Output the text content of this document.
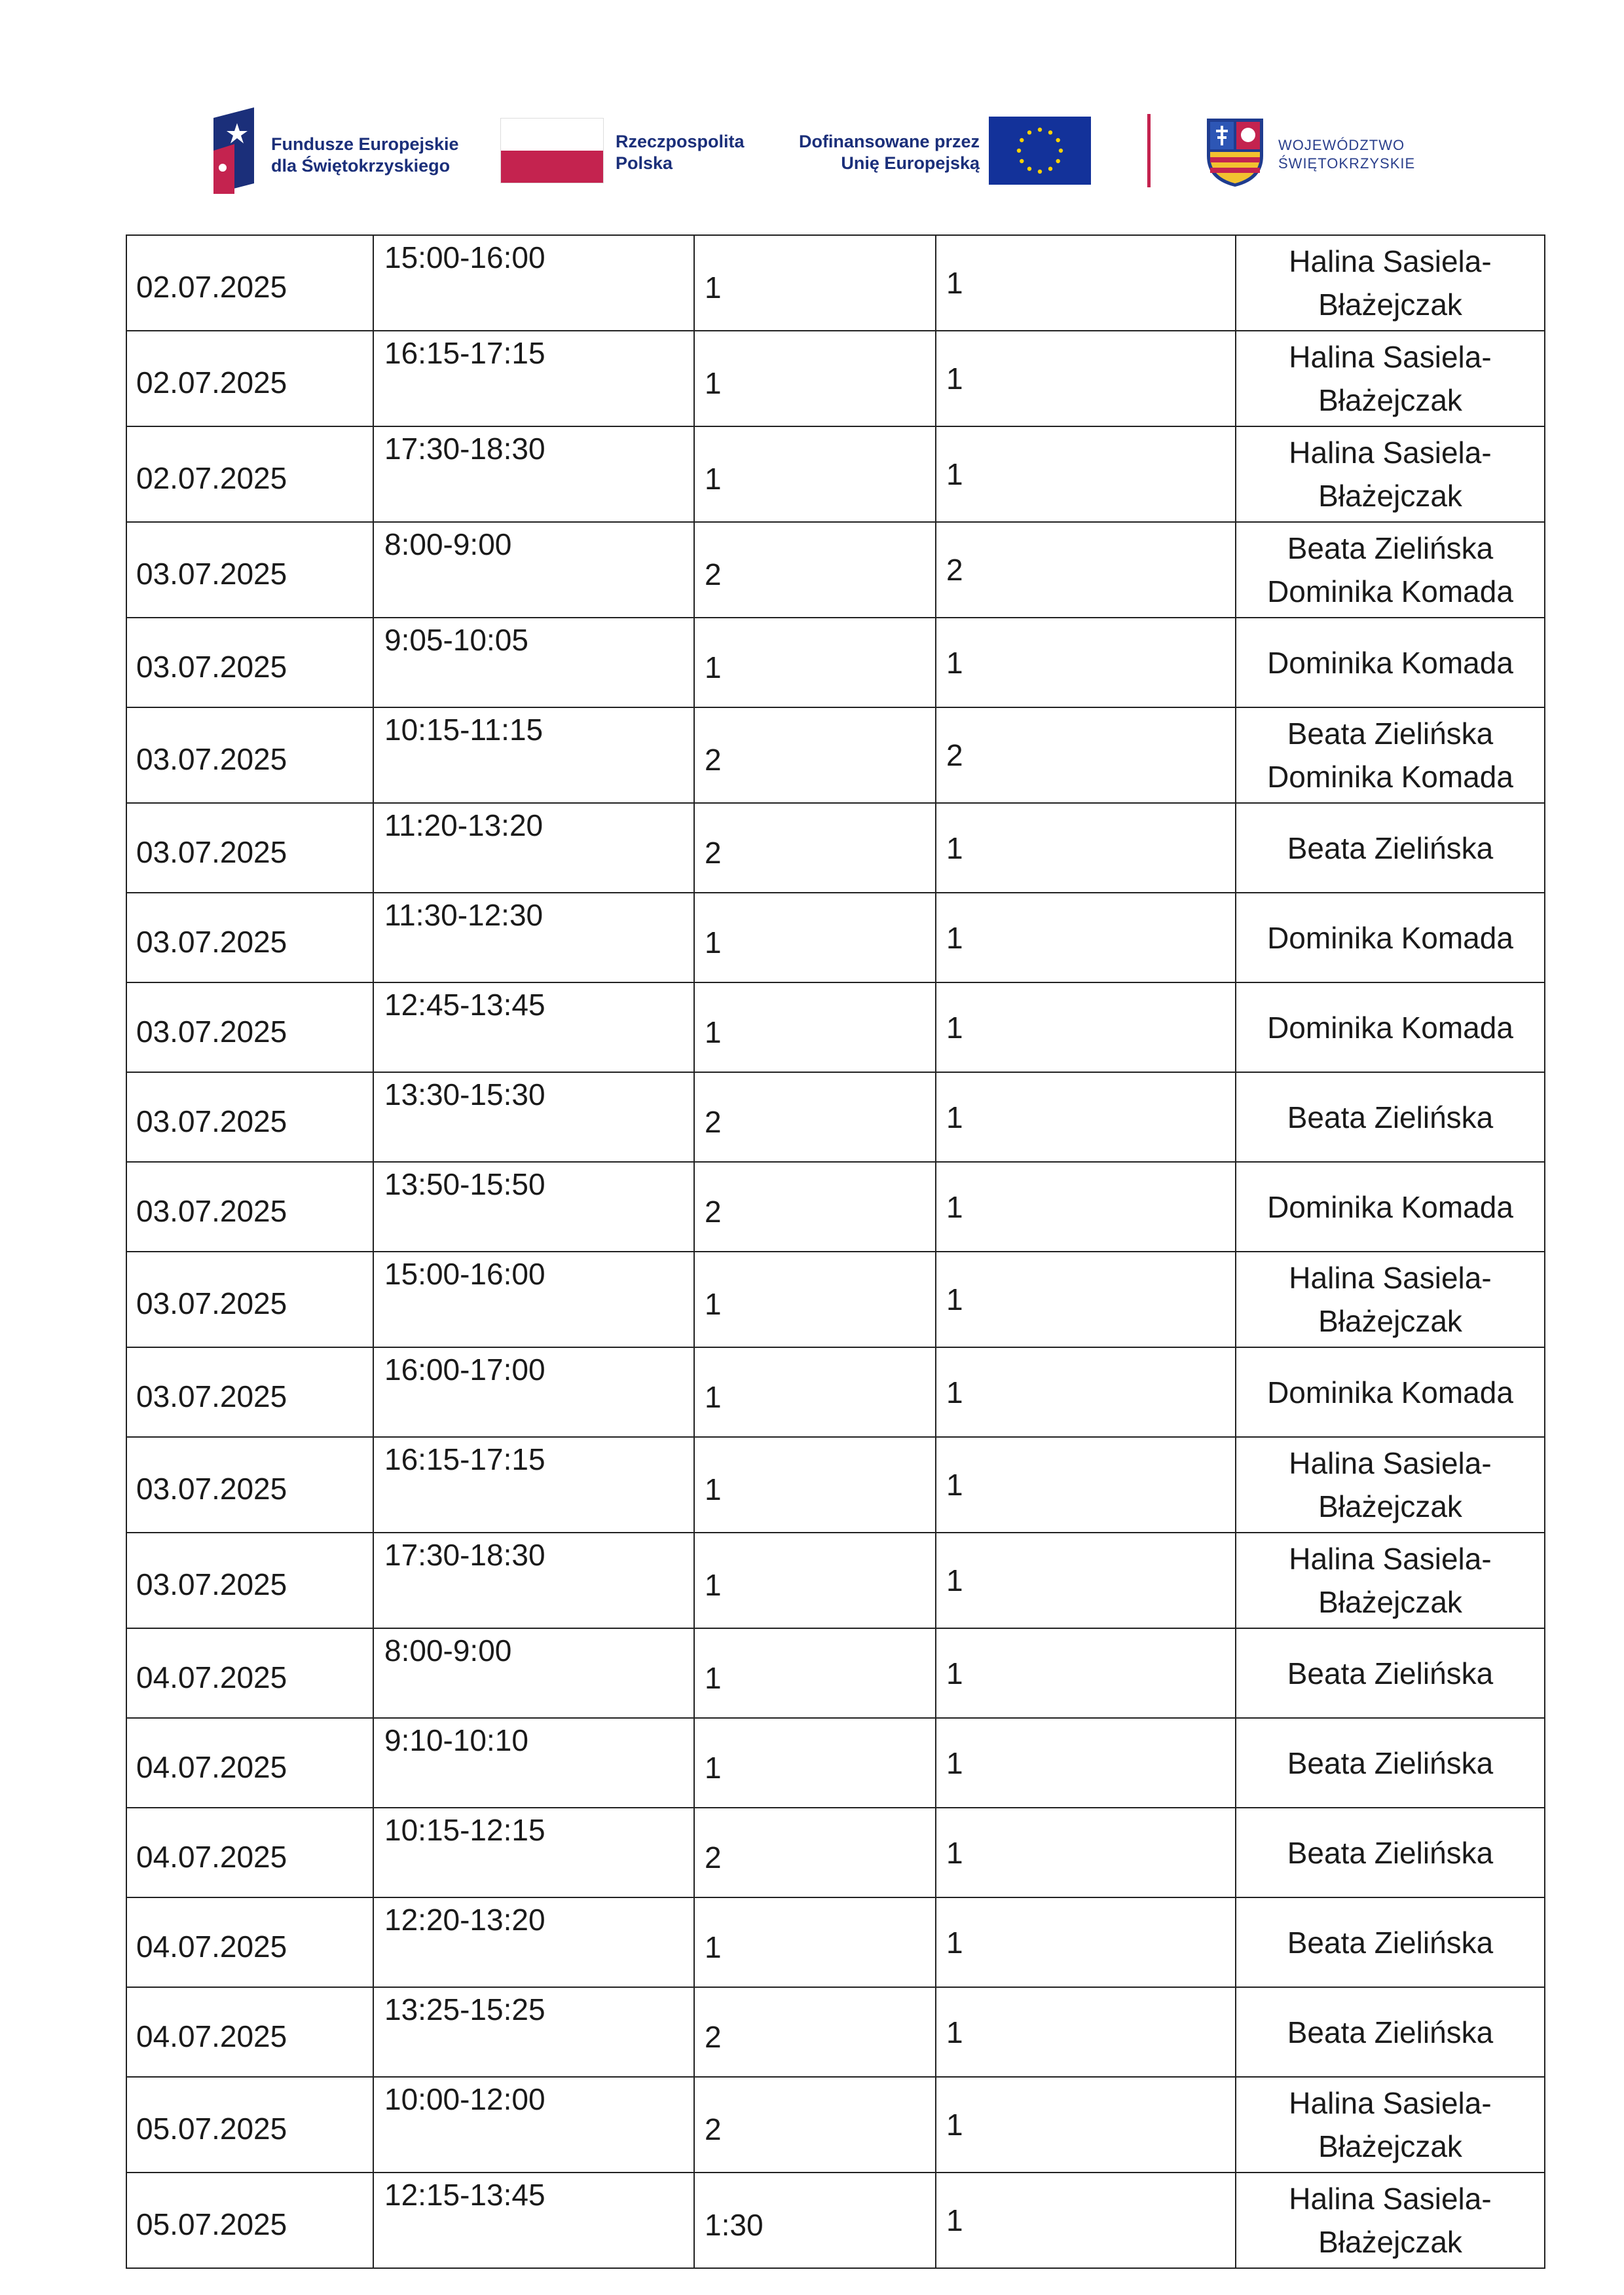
Fundusze Europejskie
dla Świętokrzyskiego
Rzeczpospolita
Polska
Dofinansowane przez
Unię Europejską
WOJEWÓDZTWO
ŚWIĘTOKRZYSKIE
02.07.2025	15:00-16:00	1	1	Halina Sasiela-
Błażejczak

02.07.2025	16:15-17:15	1	1	Halina Sasiela-
Błażejczak

02.07.2025	17:30-18:30	1	1	Halina Sasiela-
Błażejczak

03.07.2025	8:00-9:00	2	2	Beata Zielińska
Dominika Komada

03.07.2025	9:05-10:05	1	1	Dominika Komada

03.07.2025	10:15-11:15	2	2	Beata Zielińska
Dominika Komada

03.07.2025	11:20-13:20	2	1	Beata Zielińska

03.07.2025	11:30-12:30	1	1	Dominika Komada

03.07.2025	12:45-13:45	1	1	Dominika Komada

03.07.2025	13:30-15:30	2	1	Beata Zielińska

03.07.2025	13:50-15:50	2	1	Dominika Komada

03.07.2025	15:00-16:00	1	1	Halina Sasiela-
Błażejczak

03.07.2025	16:00-17:00	1	1	Dominika Komada

03.07.2025	16:15-17:15	1	1	Halina Sasiela-
Błażejczak

03.07.2025	17:30-18:30	1	1	Halina Sasiela-
Błażejczak

04.07.2025	8:00-9:00	1	1	Beata Zielińska

04.07.2025	9:10-10:10	1	1	Beata Zielińska

04.07.2025	10:15-12:15	2	1	Beata Zielińska

04.07.2025	12:20-13:20	1	1	Beata Zielińska

04.07.2025	13:25-15:25	2	1	Beata Zielińska

05.07.2025	10:00-12:00	2	1	Halina Sasiela-
Błażejczak

05.07.2025	12:15-13:45	1:30	1	Halina Sasiela-
Błażejczak
